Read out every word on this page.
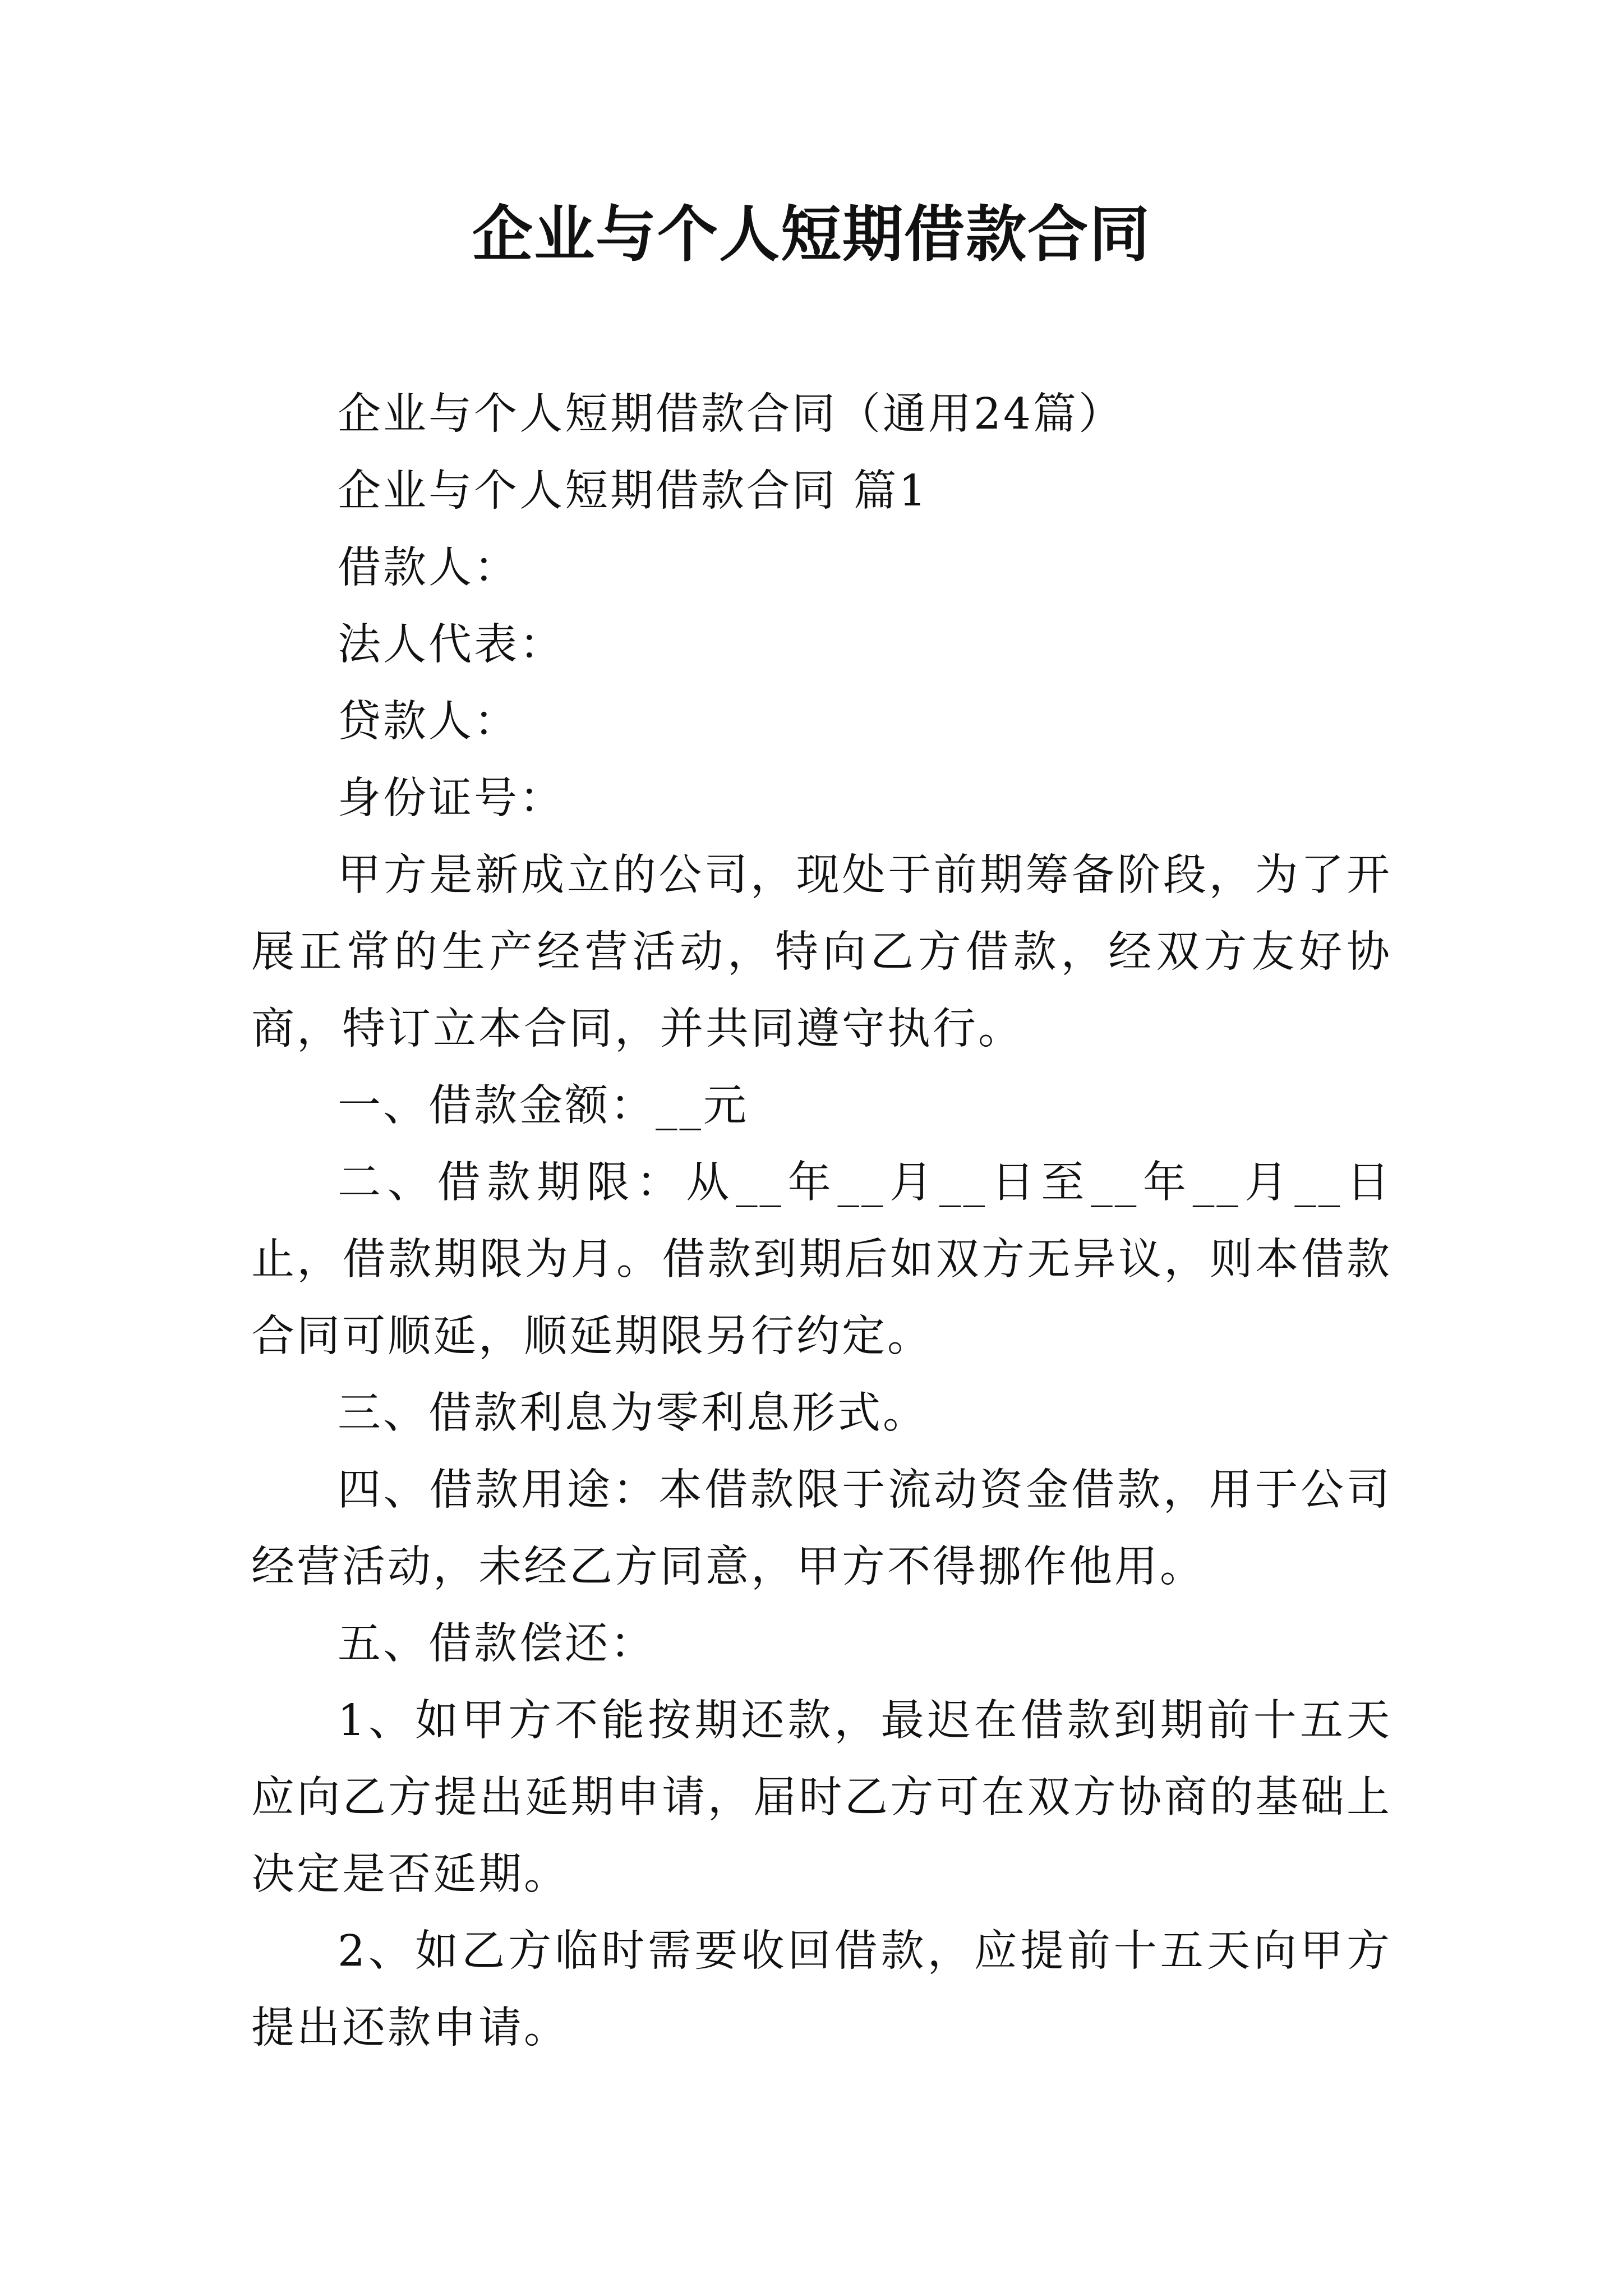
企业与个人短期借款合同

企业与个人短期借款合同（通用24篇）

企业与个人短期借款合同 篇1

借款人：

法人代表：

贷款人：

身份证号：

甲方是新成立的公司，现处于前期筹备阶段，为了开展正常的生产经营活动，特向乙方借款，经双方友好协商，特订立本合同，并共同遵守执行。

一、借款金额：__元

二、借款期限：从__年__月__日至__年__月__日止，借款期限为月。借款到期后如双方无异议，则本借款合同可顺延，顺延期限另行约定。

三、借款利息为零利息形式。

四、借款用途：本借款限于流动资金借款，用于公司经营活动，未经乙方同意，甲方不得挪作他用。

五、借款偿还：

1、如甲方不能按期还款，最迟在借款到期前十五天应向乙方提出延期申请，届时乙方可在双方协商的基础上决定是否延期。

2、如乙方临时需要收回借款，应提前十五天向甲方提出还款申请。
